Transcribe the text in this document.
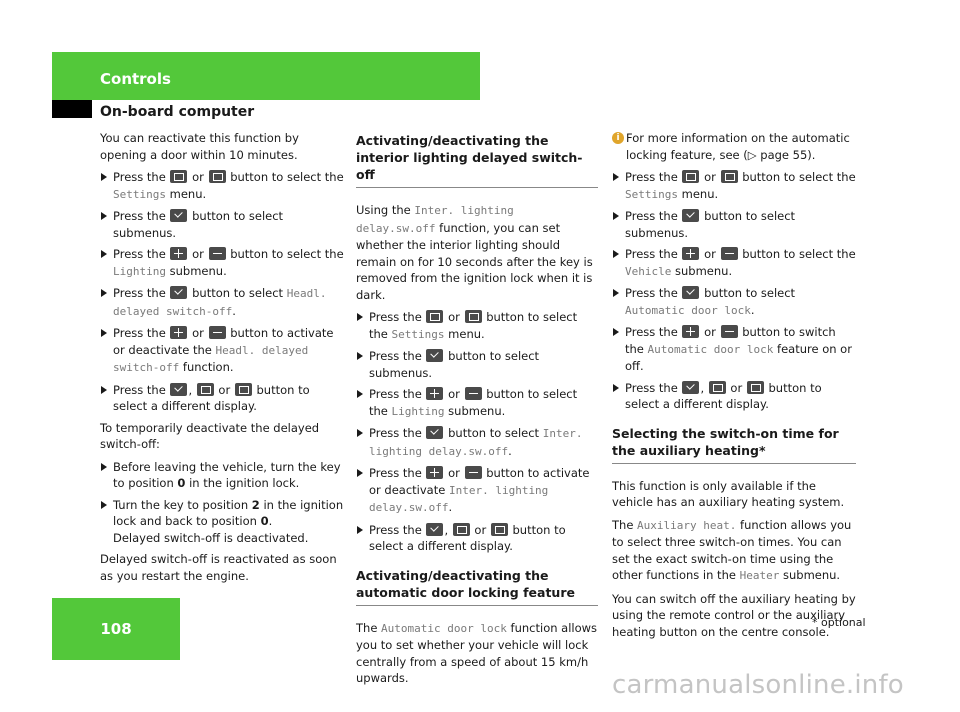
Controls
On-board computer

You can reactivate this function by opening a door within 10 minutes.

Press the or button to select the Settings menu.
Press the button to select submenus.
Press the or button to select the Lighting submenu.
Press the button to select Headl. delayed switch-off.
Press the or button to activate or deactivate the Headl. delayed switch-off function.
Press the , or button to select a different display.

To temporarily deactivate the delayed switch-off:

Before leaving the vehicle, turn the key to position 0 in the ignition lock.
Turn the key to position 2 in the ignition lock and back to position 0.
Delayed switch-off is deactivated.

Delayed switch-off is reactivated as soon as you restart the engine.

Activating/deactivating the interior lighting delayed switch-off

Using the Inter. lighting delay.sw.off function, you can set whether the interior lighting should remain on for 10 seconds after the key is removed from the ignition lock when it is dark.

Press the or button to select the Settings menu.
Press the button to select submenus.
Press the or button to select the Lighting submenu.
Press the button to select Inter. lighting delay.sw.off.
Press the or button to activate or deactivate Inter. lighting delay.sw.off.
Press the , or button to select a different display.
Activating/deactivating the automatic door locking feature

The Automatic door lock function allows you to set whether your vehicle will lock centrally from a speed of about 15 km/h upwards.

i For more information on the automatic locking feature, see (▷ page 55).

Press the or button to select the Settings menu.
Press the button to select submenus.
Press the or button to select the Vehicle submenu.
Press the button to select Automatic door lock.
Press the or button to switch the Automatic door lock feature on or off.
Press the , or button to select a different display.
Selecting the switch-on time for the auxiliary heating*

This function is only available if the vehicle has an auxiliary heating system.

The Auxiliary heat. function allows you to select three switch-on times. You can set the exact switch-on time using the other functions in the Heater submenu.

You can switch off the auxiliary heating by using the remote control or the auxiliary heating button on the centre console.

108	* optional
carmanualsonline.info
